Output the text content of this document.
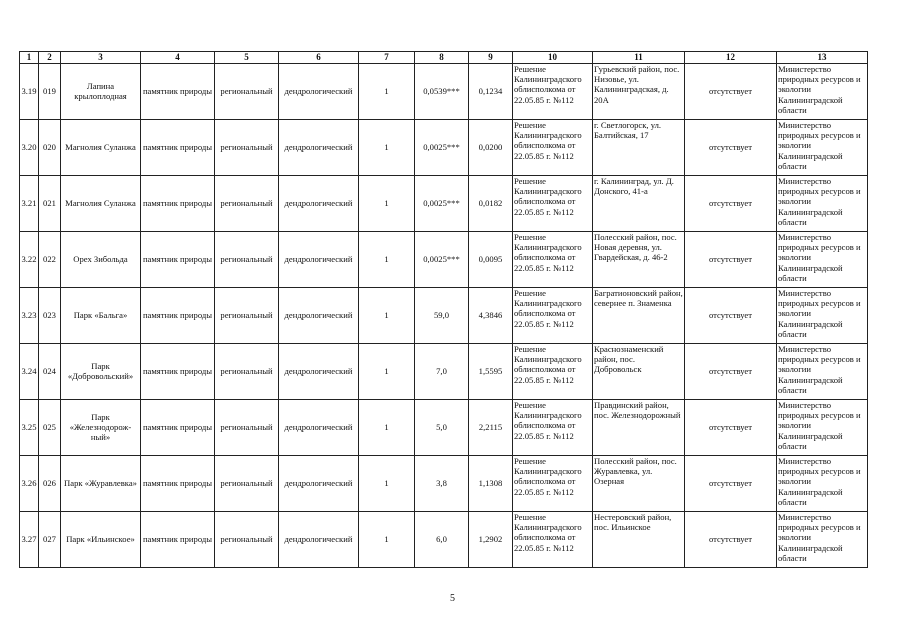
1	2	3	4	5	6	7	8	9	10	11	12	13
3.19	019	Лапина крылоплодная	памятник природы	региональный	дендрологический	1	0,0539***	0,1234	Решение Калининградского облисполкома от 22.05.85 г. №112	Гурьевский район, пос. Низовье, ул. Калининградская, д. 20А	отсутствует	Министерство природных ресурсов и экологии Калининградской области
3.20	020	Магнолия Суланжа	памятник природы	региональный	дендрологический	1	0,0025***	0,0200	Решение Калининградского облисполкома от 22.05.85 г. №112	г. Светлогорск, ул. Балтийская, 17	отсутствует	Министерство природных ресурсов и экологии Калининградской области
3.21	021	Магнолия Суланжа	памятник природы	региональный	дендрологический	1	0,0025***	0,0182	Решение Калининградского облисполкома от 22.05.85 г. №112	г. Калининград, ул. Д. Донского, 41-а	отсутствует	Министерство природных ресурсов и экологии Калининградской области
3.22	022	Орех Зибольда	памятник природы	региональный	дендрологический	1	0,0025***	0,0095	Решение Калининградского облисполкома от 22.05.85 г. №112	Полесский район, пос. Новая деревня, ул. Гвардейская, д. 46-2	отсутствует	Министерство природных ресурсов и экологии Калининградской области
3.23	023	Парк «Бальга»	памятник природы	региональный	дендрологический	1	59,0	4,3846	Решение Калининградского облисполкома от 22.05.85 г. №112	Багратионовский район, севернее п. Знаменка	отсутствует	Министерство природных ресурсов и экологии Калининградской области
3.24	024	Парк «Добровольский»	памятник природы	региональный	дендрологический	1	7,0	1,5595	Решение Калининградского облисполкома от 22.05.85 г. №112	Краснознаменский район, пос. Добровольск	отсутствует	Министерство природных ресурсов и экологии Калининградской области
3.25	025	Парк «Железнодорож-ный»	памятник природы	региональный	дендрологический	1	5,0	2,2115	Решение Калининградского облисполкома от 22.05.85 г. №112	Правдинский район, пос. Железнодорожный	отсутствует	Министерство природных ресурсов и экологии Калининградской области
3.26	026	Парк «Журавлевка»	памятник природы	региональный	дендрологический	1	3,8	1,1308	Решение Калининградского облисполкома от 22.05.85 г. №112	Полесский район, пос. Журавлевка, ул. Озерная	отсутствует	Министерство природных ресурсов и экологии Калининградской области
3.27	027	Парк «Ильинское»	памятник природы	региональный	дендрологический	1	6,0	1,2902	Решение Калининградского облисполкома от 22.05.85 г. №112	Нестеровский район, пос. Ильинское	отсутствует	Министерство природных ресурсов и экологии Калининградской области
5
